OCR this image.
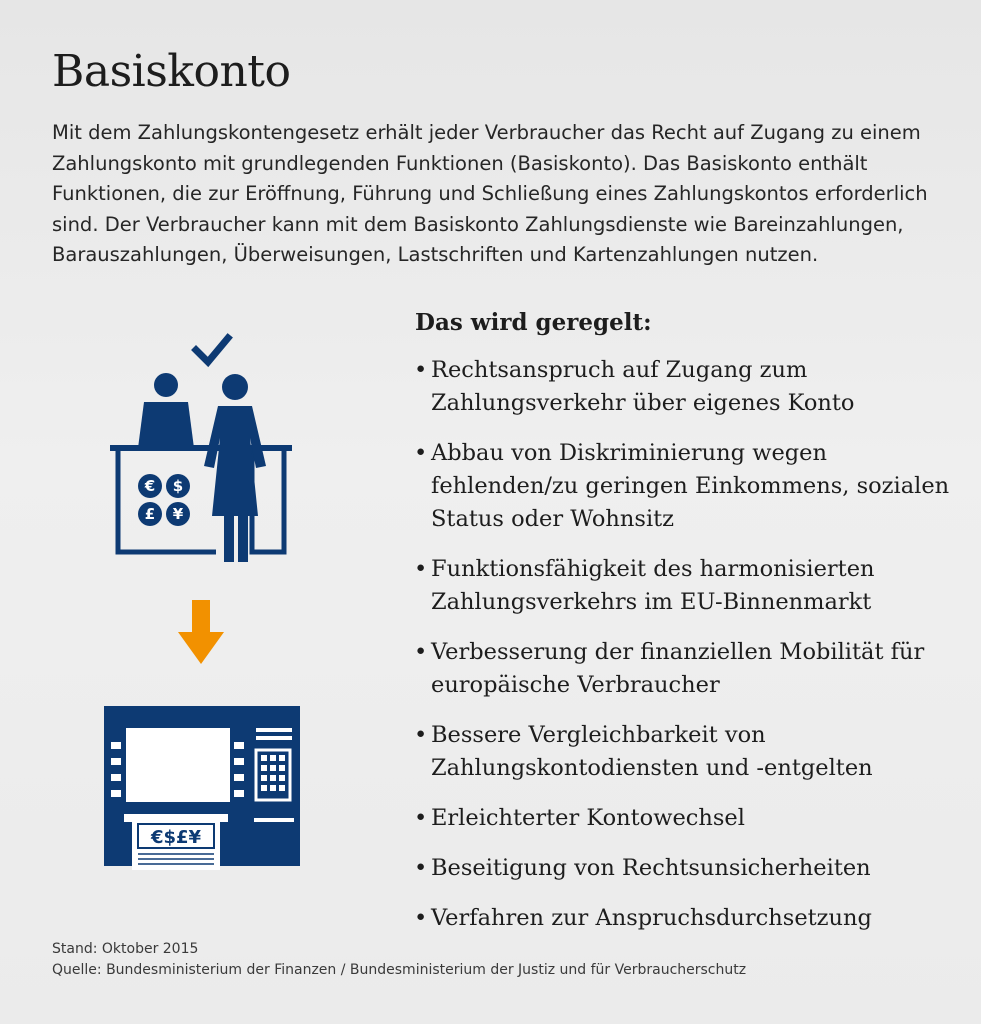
Basiskonto

Mit dem Zahlungskontengesetz erhält jeder Verbraucher das Recht auf Zugang zu einem Zahlungskonto mit grundlegenden Funktionen (Basiskonto). Das Basiskonto enthält Funktionen, die zur Eröffnung, Führung und Schließung eines Zahlungskontos erforderlich sind. Der Verbraucher kann mit dem Basiskonto Zahlungsdienste wie Bareinzahlungen, Barauszahlungen, Überweisungen, Lastschriften und Kartenzahlungen nutzen.

€ $
£ ¥
€$£¥
Das wird geregelt:
• Rechtsanspruch auf Zugang zum Zahlungsverkehr über eigenes Konto
• Abbau von Diskriminierung wegen fehlenden/zu geringen Einkommens, sozialen Status oder Wohnsitz
• Funktionsfähigkeit des harmonisierten Zahlungsverkehrs im EU-Binnenmarkt
• Verbesserung der finanziellen Mobilität für europäische Verbraucher
• Bessere Vergleichbarkeit von Zahlungskontodiensten und -entgelten
• Erleichterter Kontowechsel
• Beseitigung von Rechtsunsicherheiten
• Verfahren zur Anspruchsdurchsetzung

Stand: Oktober 2015

Quelle: Bundesministerium der Finanzen / Bundesministerium der Justiz und für Verbraucherschutz
